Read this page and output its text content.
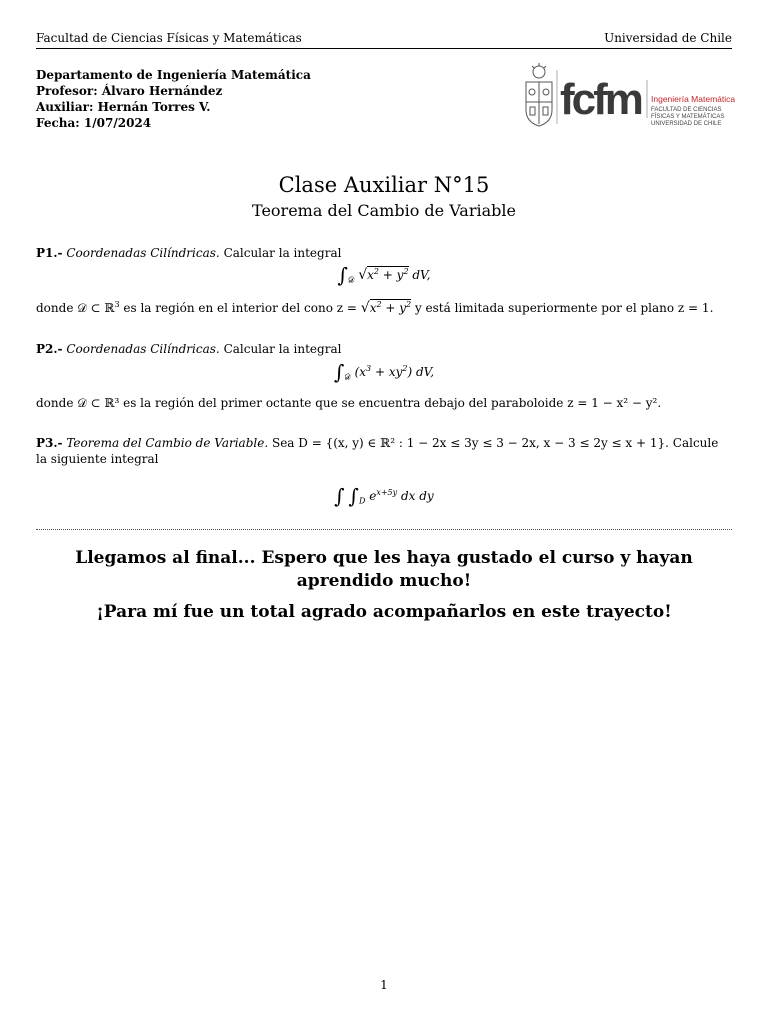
Facultad de Ciencias Físicas y Matemáticas	Universidad de Chile
Departamento de Ingeniería Matemática
Profesor: Álvaro Hernández
Auxiliar: Hernán Torres V.
Fecha: 1/07/2024	fcfm Ingeniería Matemática
FACULTAD DE CIENCIAS
FÍSICAS Y MATEMÁTICAS
UNIVERSIDAD DE CHILE
Clase Auxiliar N°15
Teorema del Cambio de Variable
P1.- Coordenadas Cilíndricas. Calcular la integral
$\int_𝒟$ $√x^2 + y^2$ dV,
donde 𝒟 ⊂ ℝ$^3$ es la región en el interior del cono $z = √x^2 + y^2$ y está limitada superiormente por el plano z = 1.
P2.- Coordenadas Cilíndricas. Calcular la integral
$\int_𝒟$ $(x^3 + xy^2)$ dV,
donde 𝒟 ⊂ ℝ³ es la región del primer octante que se encuentra debajo del paraboloide z = 1 − x² − y².
P3.- Teorema del Cambio de Variable. Sea D = {(x, y) ∈ ℝ² : 1 − 2x ≤ 3y ≤ 3 − 2x, x − 3 ≤ 2y ≤ x + 1}. Calcule la siguiente integral
∫ $\int_D$ $e^{x+5y}$ dx dy
Llegamos al final... Espero que les haya gustado el curso y hayan aprendido mucho!
¡Para mí fue un total agrado acompañarlos en este trayecto!
1
